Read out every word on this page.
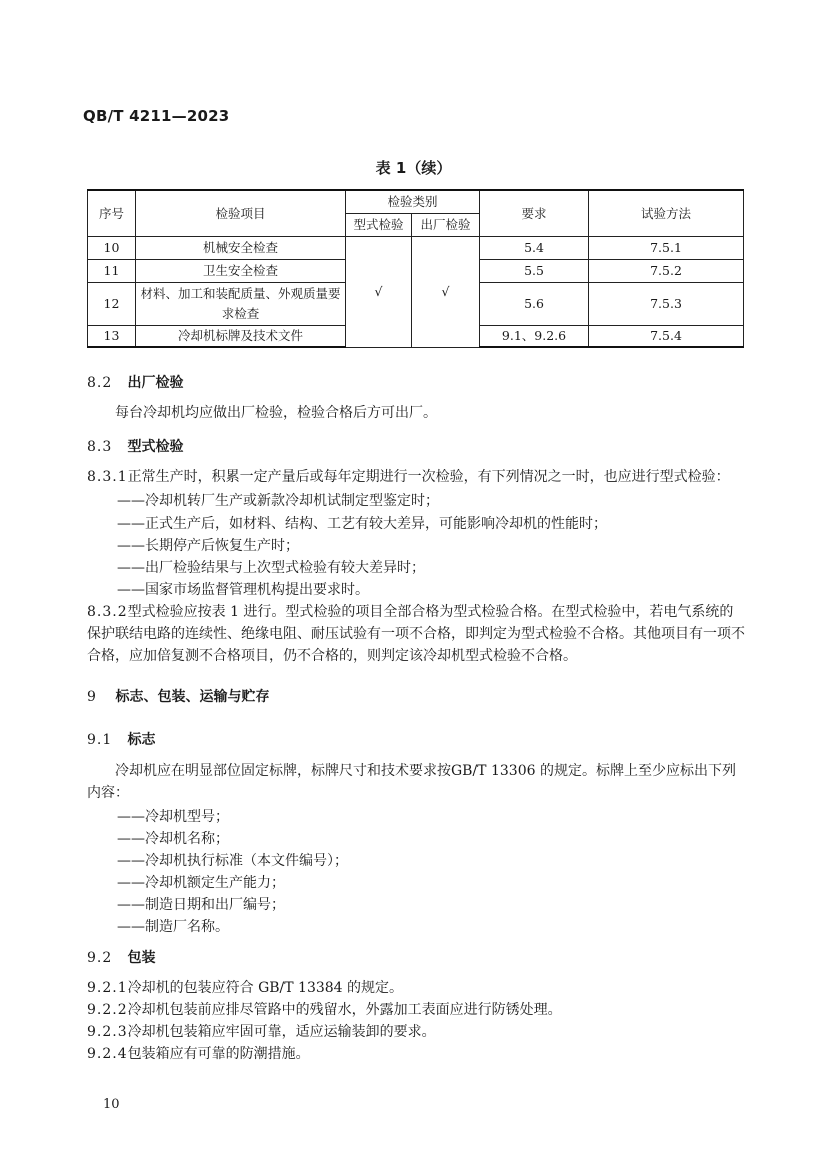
QB/T 4211—2023
表 1（续）
序号	检验项目	检验类别		要求	试验方法
		型式检验	出厂检验		
10	机械安全检查	√	√	5.4	7.5.1
11	卫生安全检查			5.5	7.5.2
12	材料、加工和装配质量、外观质量要求检查			5.6	7.5.3
13	冷却机标牌及技术文件			9.1、9.2.6	7.5.4
8.2 出厂检验
每台冷却机均应做出厂检验，检验合格后方可出厂。
8.3 型式检验
8.3.1正常生产时，积累一定产量后或每年定期进行一次检验，有下列情况之一时，也应进行型式检验：
——冷却机转厂生产或新款冷却机试制定型鉴定时；
——正式生产后，如材料、结构、工艺有较大差异，可能影响冷却机的性能时；
——长期停产后恢复生产时；
——出厂检验结果与上次型式检验有较大差异时；
——国家市场监督管理机构提出要求时。
8.3.2型式检验应按表 1 进行。型式检验的项目全部合格为型式检验合格。在型式检验中，若电气系统的保护联结电路的连续性、绝缘电阻、耐压试验有一项不合格，即判定为型式检验不合格。其他项目有一项不合格，应加倍复测不合格项目，仍不合格的，则判定该冷却机型式检验不合格。
9 标志、包装、运输与贮存
9.1 标志
冷却机应在明显部位固定标牌，标牌尺寸和技术要求按GB/T 13306 的规定。标牌上至少应标出下列内容：
——冷却机型号；
——冷却机名称；
——冷却机执行标准（本文件编号）；
——冷却机额定生产能力；
——制造日期和出厂编号；
——制造厂名称。
9.2 包装
9.2.1冷却机的包装应符合 GB/T 13384 的规定。
9.2.2冷却机包装前应排尽管路中的残留水，外露加工表面应进行防锈处理。
9.2.3冷却机包装箱应牢固可靠，适应运输装卸的要求。
9.2.4包装箱应有可靠的防潮措施。
10
